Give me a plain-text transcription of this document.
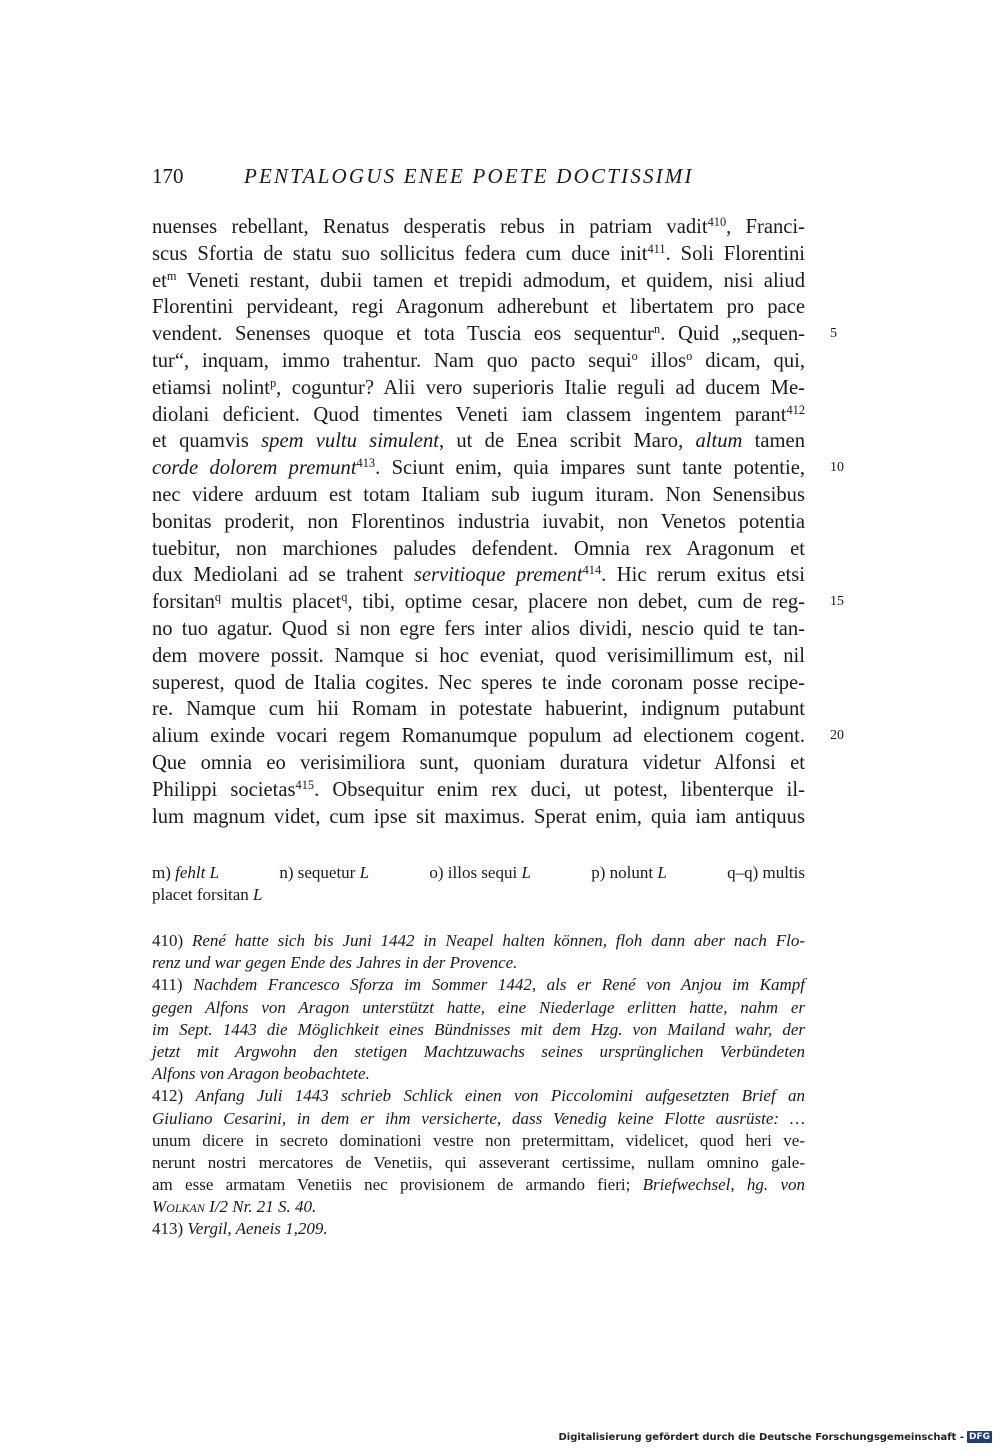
170	PENTALOGUS ENEE POETE DOCTISSIMI
nuenses rebellant, Renatus desperatis rebus in patriam vadit$^{410}$, Franci-
scus Sfortia de statu suo sollicitus federa cum duce init$^{411}$. Soli Florentini
$et^m$ Veneti restant, dubii tamen et trepidi admodum, et quidem, nisi aliud
Florentini pervideant, regi Aragonum adherebunt et libertatem pro pace
vendent. Senenses quoque et tota Tuscia eos sequentur$^n$. Quid „sequen-
tur“, inquam, immo trahentur. Nam quo pacto sequi$^o$ illos$^o$ dicam, qui,
etiamsi nolint$^p$, coguntur? Alii vero superioris Italie reguli ad ducem Me-
diolani deficient. Quod timentes Veneti iam classem ingentem parant$^{412}$
et quamvis spem vultu simulent, ut de Enea scribit Maro, altum tamen
corde dolorem premunt$^{413}$. Sciunt enim, quia impares sunt tante potentie,
nec videre arduum est totam Italiam sub iugum ituram. Non Senensibus
bonitas proderit, non Florentinos industria iuvabit, non Venetos potentia
tuebitur, non marchiones paludes defendent. Omnia rex Aragonum et
dux Mediolani ad se trahent servitioque prement$^{414}$. Hic rerum exitus etsi
forsitan$^q$ multis placet$^q$, tibi, optime cesar, placere non debet, cum de reg-
no tuo agatur. Quod si non egre fers inter alios dividi, nescio quid te tan-
dem movere possit. Namque si hoc eveniat, quod verisimillimum est, nil
superest, quod de Italia cogites. Nec speres te inde coronam posse recipe-
re. Namque cum hii Romam in potestate habuerint, indignum putabunt
alium exinde vocari regem Romanumque populum ad electionem cogent.
Que omnia eo verisimiliora sunt, quoniam duratura videtur Alfonsi et
Philippi societas$^{415}$. Obsequitur enim rex duci, ut potest, libenterque il-
lum magnum videt, cum ipse sit maximus. Sperat enim, quia iam antiquus
5
10
15
20
m) fehlt L	n) sequetur L	o) illos sequi L	p) nolunt L	q–q) multis
placet forsitan L
410) René hatte sich bis Juni 1442 in Neapel halten können, floh dann aber nach Flo-
renz und war gegen Ende des Jahres in der Provence.
411) Nachdem Francesco Sforza im Sommer 1442, als er René von Anjou im Kampf
gegen Alfons von Aragon unterstützt hatte, eine Niederlage erlitten hatte, nahm er
im Sept. 1443 die Möglichkeit eines Bündnisses mit dem Hzg. von Mailand wahr, der
jetzt mit Argwohn den stetigen Machtzuwachs seines ursprünglichen Verbündeten
Alfons von Aragon beobachtete.
412) Anfang Juli 1443 schrieb Schlick einen von Piccolomini aufgesetzten Brief an
Giuliano Cesarini, in dem er ihm versicherte, dass Venedig keine Flotte ausrüste: …
unum dicere in secreto dominationi vestre non pretermittam, videlicet, quod heri ve-
nerunt nostri mercatores de Venetiis, qui asseverant certissime, nullam omnino gale-
am esse armatam Venetiis nec provisionem de armando fieri; Briefwechsel, hg. von
Wolkan I/2 Nr. 21 S. 40.
413) Vergil, Aeneis 1,209.
Digitalisierung gefördert durch die Deutsche Forschungsgemeinschaft - DFG
